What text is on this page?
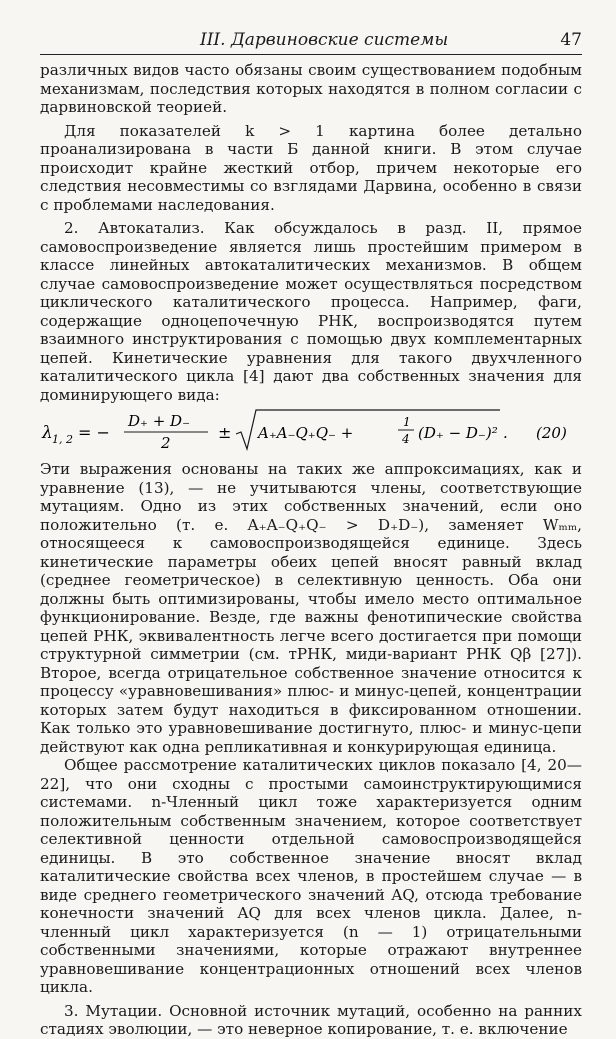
III. Дарвиновские системы	47

различных видов часто обязаны своим существованием подобным механизмам, последствия которых находятся в полном согласии с дарвиновской теорией.

Для показателей k > 1 картина более детально проанализирована в части Б данной книги. В этом случае происходит крайне жесткий отбор, причем некоторые его следствия несовместимы со взглядами Дарвина, особенно в связи с проблемами наследования.

2. Автокатализ. Как обсуждалось в разд. II, прямое самовоспроизведение является лишь простейшим примером в классе линейных автокаталитических механизмов. В общем случае самовоспроизведение может осуществляться посредством циклического каталитического процесса. Например, фаги, содержащие одноцепочечную РНК, воспроизводятся путем взаимного инструктирования с помощью двух комплементарных цепей. Кинетические уравнения для такого двухчленного каталитического цикла [4] дают два собственных значения для доминирующего вида:

λ 1, 2 = −
D₊ + D₋
2
± A₊A₋Q₊Q₋ +
1
4 (D₊ − D₋)² . (20)

Эти выражения основаны на таких же аппроксимациях, как и уравнение (13), — не учитываются члены, соответствующие мутациям. Одно из этих собственных значений, если оно положительно (т. е. A₊A₋Q₊Q₋ > D₊D₋), заменяет Wₘₘ, относящееся к самовоспроизводящейся единице. Здесь кинетические параметры обеих цепей вносят равный вклад (среднее геометрическое) в селективную ценность. Оба они должны быть оптимизированы, чтобы имело место оптимальное функционирование. Везде, где важны фенотипические свойства цепей РНК, эквивалентность легче всего достигается при помощи структурной симметрии (см. тРНК, миди-вариант РНК Qβ [27]). Второе, всегда отрицательное собственное значение относится к процессу «уравновешивания» плюс- и минус-цепей, концентрации которых затем будут находиться в фиксированном отношении. Как только это уравновешивание достигнуто, плюс- и минус-цепи действуют как одна репликативная и конкурирующая единица.

Общее рассмотрение каталитических циклов показало [4, 20—22], что они сходны с простыми самоинструктирующимися системами. n-Членный цикл тоже характеризуется одним положительным собственным значением, которое соответствует селективной ценности отдельной самовоспроизводящейся единицы. В это собственное значение вносят вклад каталитические свойства всех членов, в простейшем случае — в виде среднего геометрического значений AQ, отсюда требование конечности значений AQ для всех членов цикла. Далее, n-членный цикл характеризуется (n — 1) отрицательными собственными значениями, которые отражают внутреннее уравновешивание концентрационных отношений всех членов цикла.

3. Мутации. Основной источник мутаций, особенно на ранних стадиях эволюции, — это неверное копирование, т. е. включение
